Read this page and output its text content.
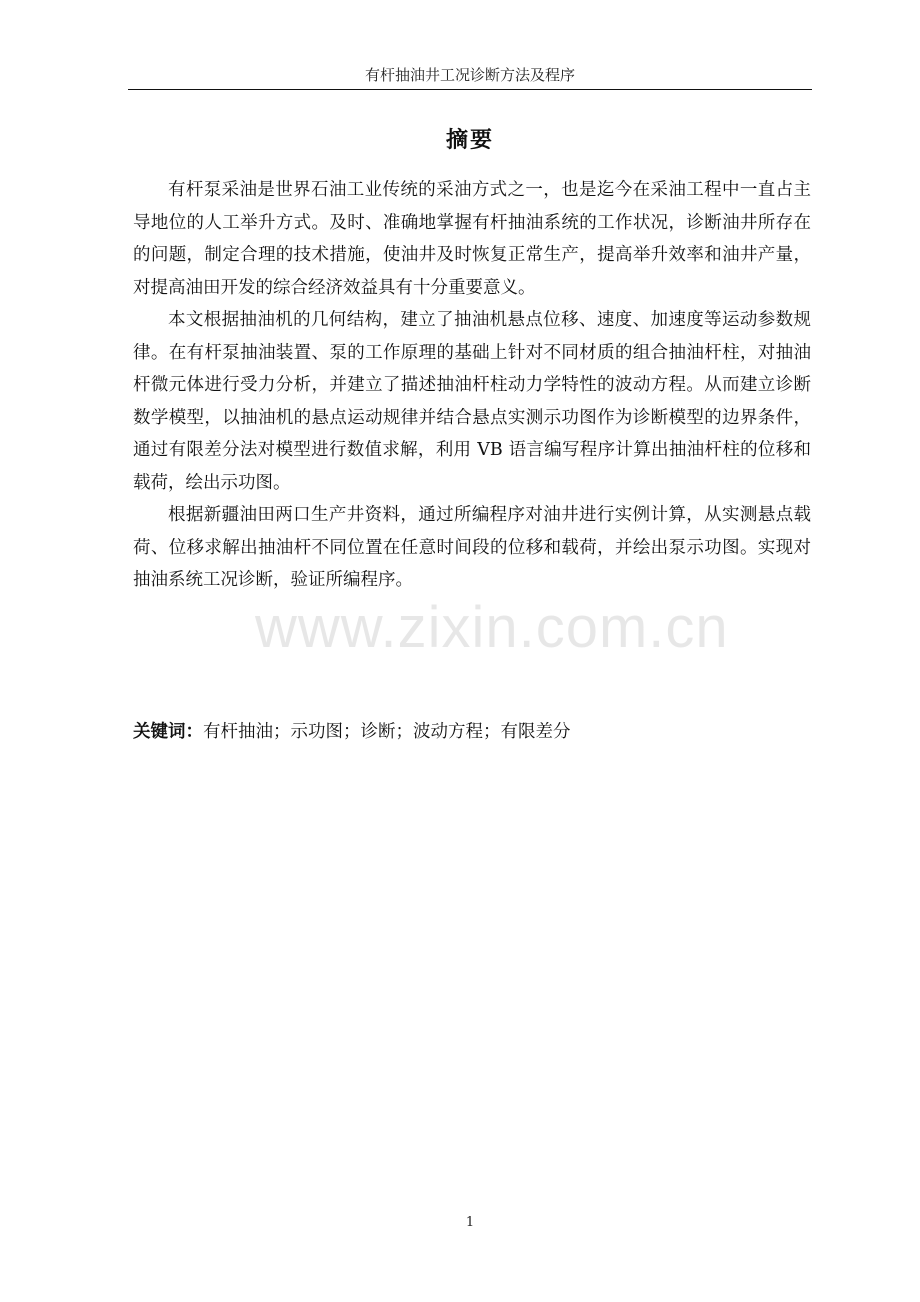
有杆抽油井工况诊断方法及程序
摘要

有杆泵采油是世界石油工业传统的采油方式之一，也是迄今在采油工程中一直占主导地位的人工举升方式。及时、准确地掌握有杆抽油系统的工作状况，诊断油井所存在的问题，制定合理的技术措施，使油井及时恢复正常生产，提高举升效率和油井产量，对提高油田开发的综合经济效益具有十分重要意义。

本文根据抽油机的几何结构，建立了抽油机悬点位移、速度、加速度等运动参数规律。在有杆泵抽油装置、泵的工作原理的基础上针对不同材质的组合抽油杆柱，对抽油杆微元体进行受力分析，并建立了描述抽油杆柱动力学特性的波动方程。从而建立诊断数学模型，以抽油机的悬点运动规律并结合悬点实测示功图作为诊断模型的边界条件，通过有限差分法对模型进行数值求解，利用 VB 语言编写程序计算出抽油杆柱的位移和载荷，绘出示功图。

根据新疆油田两口生产井资料，通过所编程序对油井进行实例计算，从实测悬点载荷、位移求解出抽油杆不同位置在任意时间段的位移和载荷，并绘出泵示功图。实现对抽油系统工况诊断，验证所编程序。

关键词：有杆抽油；示功图；诊断；波动方程；有限差分
www.zixin.com.cn
1
